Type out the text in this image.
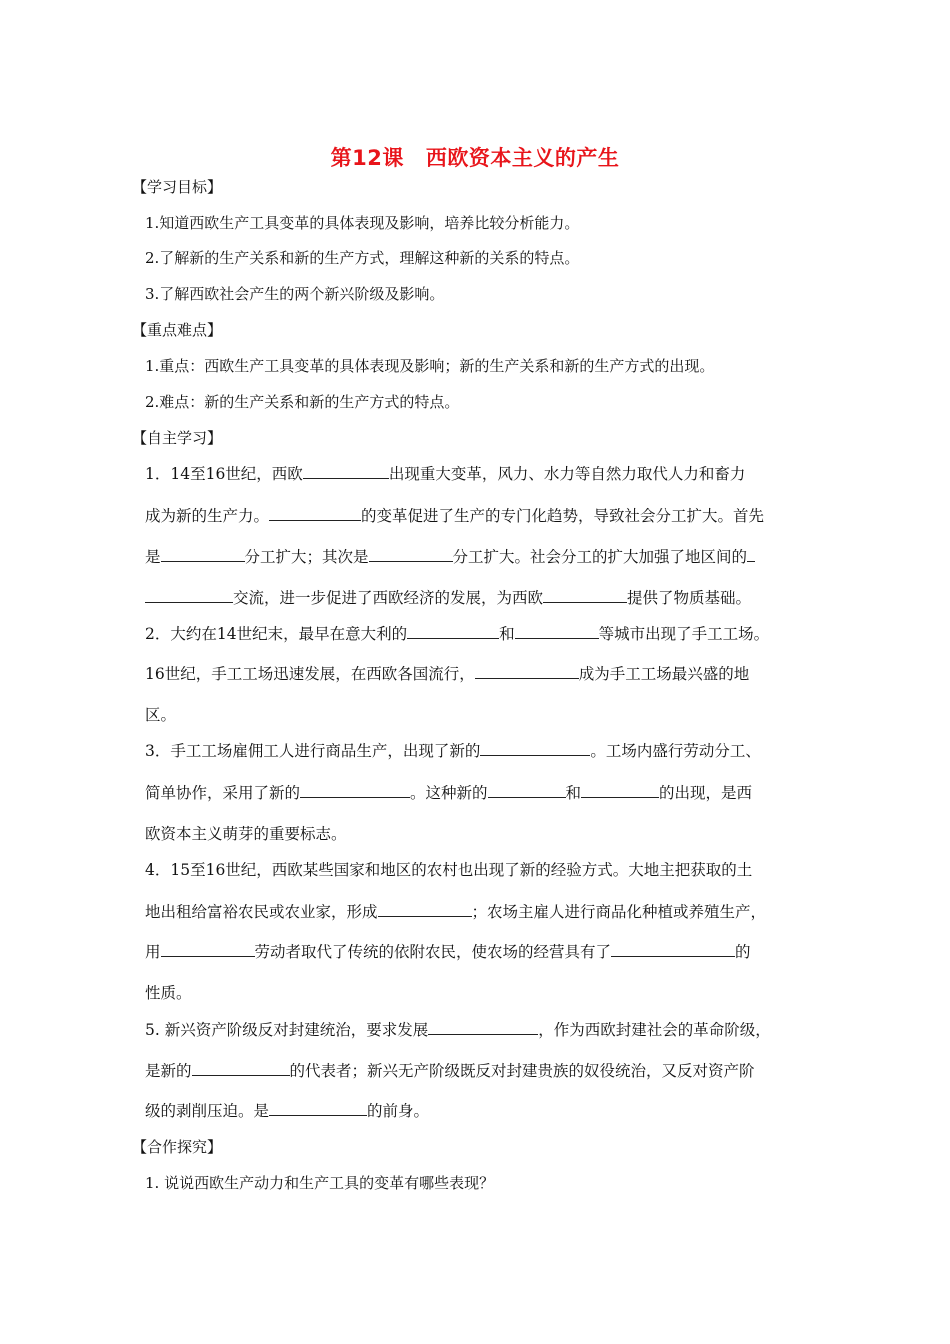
第12课 西欧资本主义的产生
【学习目标】
1.知道西欧生产工具变革的具体表现及影响，培养比较分析能力。
2.了解新的生产关系和新的生产方式，理解这种新的关系的特点。
3.了解西欧社会产生的两个新兴阶级及影响。
【重点难点】
1.重点：西欧生产工具变革的具体表现及影响；新的生产关系和新的生产方式的出现。
2.难点：新的生产关系和新的生产方式的特点。
【自主学习】
1．14至16世纪，西欧	出现重大变革，风力、水力等自然力取代人力和畜力
成为新的生产力。	的变革促进了生产的专门化趋势，导致社会分工扩大。首先
是	分工扩大；其次是	分工扩大。社会分工的扩大加强了地区间的
交流，进一步促进了西欧经济的发展，为西欧	提供了物质基础。
2．大约在14世纪末，最早在意大利的	和	等城市出现了手工工场。
16世纪，手工工场迅速发展，在西欧各国流行，	成为手工工场最兴盛的地
区。
3．手工工场雇佣工人进行商品生产，出现了新的	。工场内盛行劳动分工、
简单协作，采用了新的	。这种新的	和	的出现，是西
欧资本主义萌芽的重要标志。
4．15至16世纪，西欧某些国家和地区的农村也出现了新的经验方式。大地主把获取的土
地出租给富裕农民或农业家，形成	；农场主雇人进行商品化种植或养殖生产，
用	劳动者取代了传统的依附农民，使农场的经营具有了	的
性质。
5. 新兴资产阶级反对封建统治，要求发展	，作为西欧封建社会的革命阶级，
是新的	的代表者；新兴无产阶级既反对封建贵族的奴役统治，又反对资产阶
级的剥削压迫。是	的前身。
【合作探究】
1. 说说西欧生产动力和生产工具的变革有哪些表现？
